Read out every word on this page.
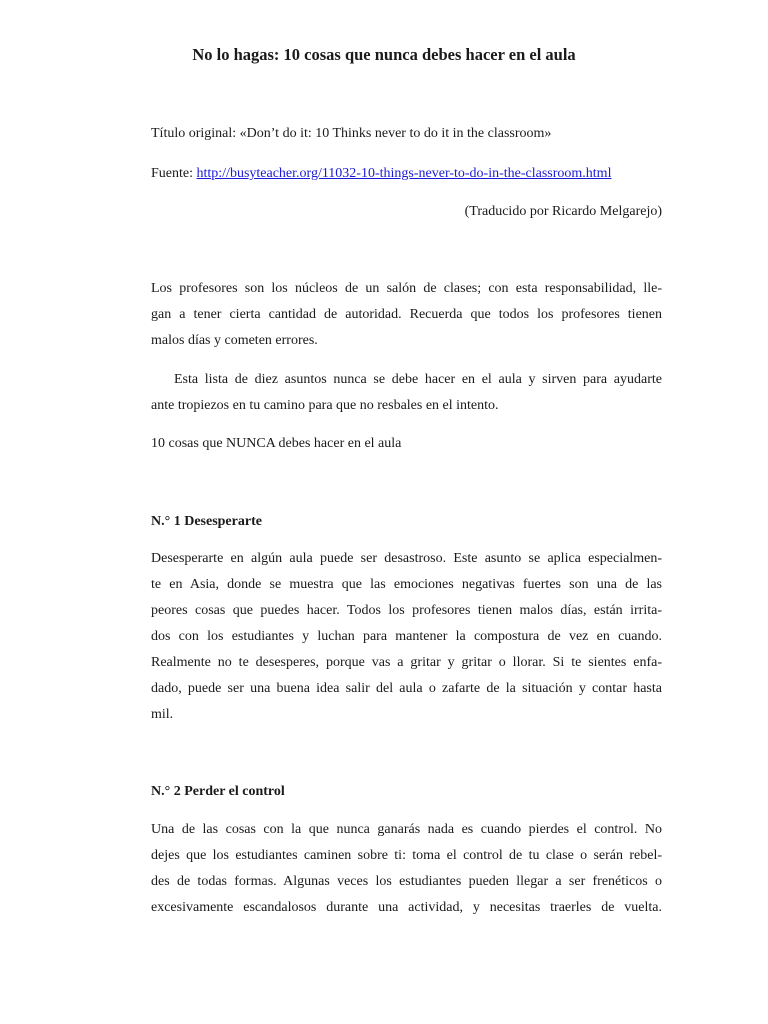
No lo hagas: 10 cosas que nunca debes hacer en el aula

Título original: «Don’t do it: 10 Thinks never to do it in the classroom»

Fuente: http://busyteacher.org/11032-10-things-never-to-do-in-the-classroom.html

(Traducido por Ricardo Melgarejo)

Los profesores son los núcleos de un salón de clases; con esta responsabilidad, lle-
gan a tener cierta cantidad de autoridad. Recuerda que todos los profesores tienen
malos días y cometen errores.
Esta lista de diez asuntos nunca se debe hacer en el aula y sirven para ayudarte
ante tropiezos en tu camino para que no resbales en el intento.

10 cosas que NUNCA debes hacer en el aula

N.° 1 Desesperarte

Desesperarte en algún aula puede ser desastroso. Este asunto se aplica especialmen-
te en Asia, donde se muestra que las emociones negativas fuertes son una de las
peores cosas que puedes hacer. Todos los profesores tienen malos días, están irrita-
dos con los estudiantes y luchan para mantener la compostura de vez en cuando.
Realmente no te desesperes, porque vas a gritar y gritar o llorar. Si te sientes enfa-
dado, puede ser una buena idea salir del aula o zafarte de la situación y contar hasta
mil.

N.° 2 Perder el control

Una de las cosas con la que nunca ganarás nada es cuando pierdes el control. No
dejes que los estudiantes caminen sobre ti: toma el control de tu clase o serán rebel-
des de todas formas. Algunas veces los estudiantes pueden llegar a ser frenéticos o
excesivamente escandalosos durante una actividad, y necesitas traerles de vuelta.
